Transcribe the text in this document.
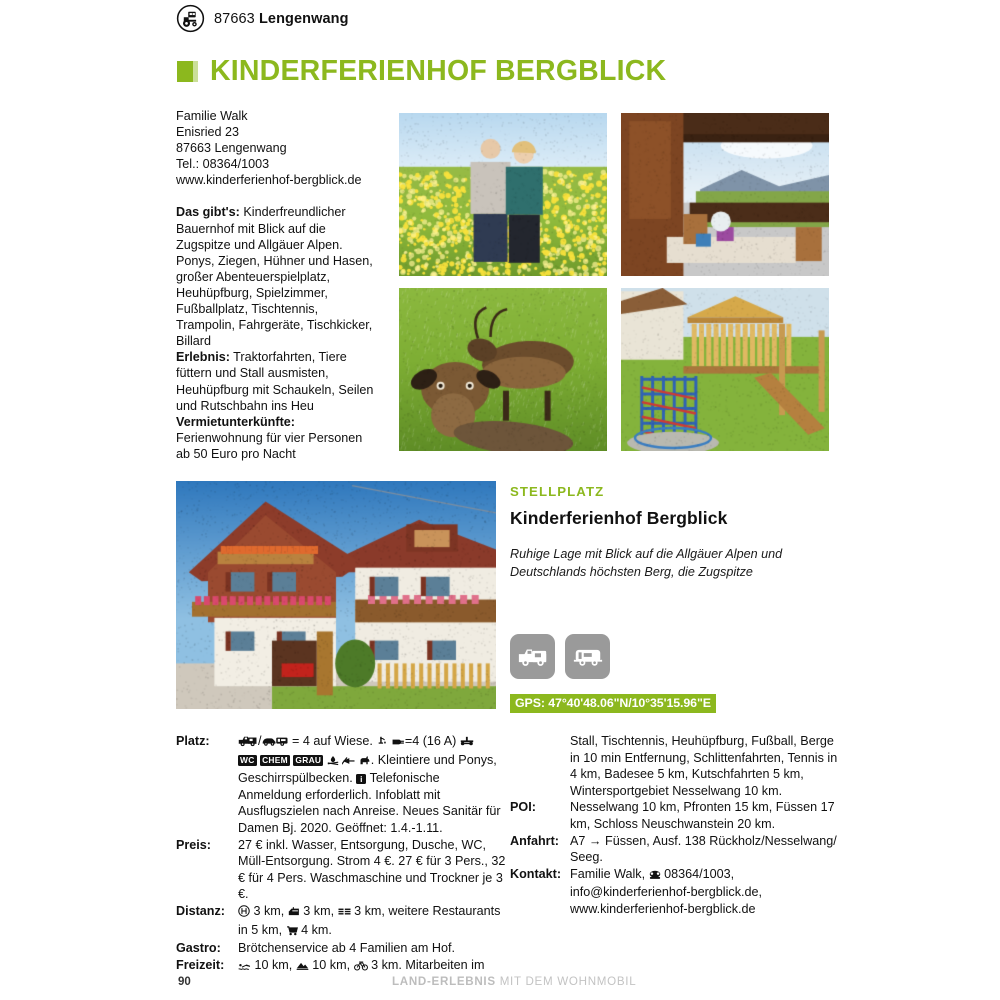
87663 Lengenwang
KINDERFERIENHOF BERGBLICK
Familie Walk
Enisried 23
87663 Lengenwang
Tel.: 08364/1003
www.kinderferienhof-bergblick.de

Das gibt's: Kinderfreundlicher Bauernhof mit Blick auf die Zugspitze und Allgäuer Alpen. Ponys, Ziegen, Hühner und Hasen, großer Abenteuerspielplatz, Heuhüpfburg, Spielzimmer, Fußballplatz, Tischtennis, Trampolin, Fahrgeräte, Tischkicker, Billard

Erlebnis: Traktorfahrten, Tiere füttern und Stall ausmisten, Heuhüpfburg mit Schaukeln, Seilen und Rutschbahn ins Heu

Vermietunterkünfte: Ferienwohnung für vier Personen ab 50 Euro pro Nacht

STELLPLATZ
Kinderferienhof Bergblick
Ruhige Lage mit Blick auf die Allgäuer Alpen und Deutschlands höchsten Berg, die Zugspitze
GPS: 47°40'48.06"N/10°35'15.96"E
Platz:	/ = 4 auf Wiese.  =4 (16 A)
WC CHEM GRAU	. Kleintiere und Ponys, Geschirrspülbecken. i Telefonische Anmeldung erforderlich. Infoblatt mit Ausflugszielen nach Anreise. Neues Sanitär für Damen Bj. 2020. Geöffnet: 1.4.-1.11.
Preis:	27 € inkl. Wasser, Entsorgung, Dusche, WC, Müll-Entsorgung. Strom 4 €. 27 € für 3 Pers., 32 € für 4 Pers. Waschmaschine und Trockner je 3 €.
Distanz:	3 km,  3 km,  3 km, weitere Restaurants in 5 km,  4 km.
Gastro:	Brötchenservice ab 4 Familien am Hof.
Freizeit:	10 km,  10 km,  3 km. Mitarbeiten im
Stall, Tischtennis, Heuhüpfburg, Fußball, Berge in 10 min Entfernung, Schlittenfahrten, Tennis in 4 km, Badesee 5 km, Kutschfahrten 5 km, Wintersportgebiet Nesselwang 10 km.
POI:	Nesselwang 10 km, Pfronten 15 km, Füssen 17 km, Schloss Neuschwanstein 20 km.
Anfahrt: A7 → Füssen, Ausf. 138 Rückholz/Nesselwang/ Seeg.
Kontakt: Familie Walk,  08364/1003, info@kinderferienhof-bergblick.de, www.kinderferienhof-bergblick.de
90	LAND-ERLEBNIS MIT DEM WOHNMOBIL
